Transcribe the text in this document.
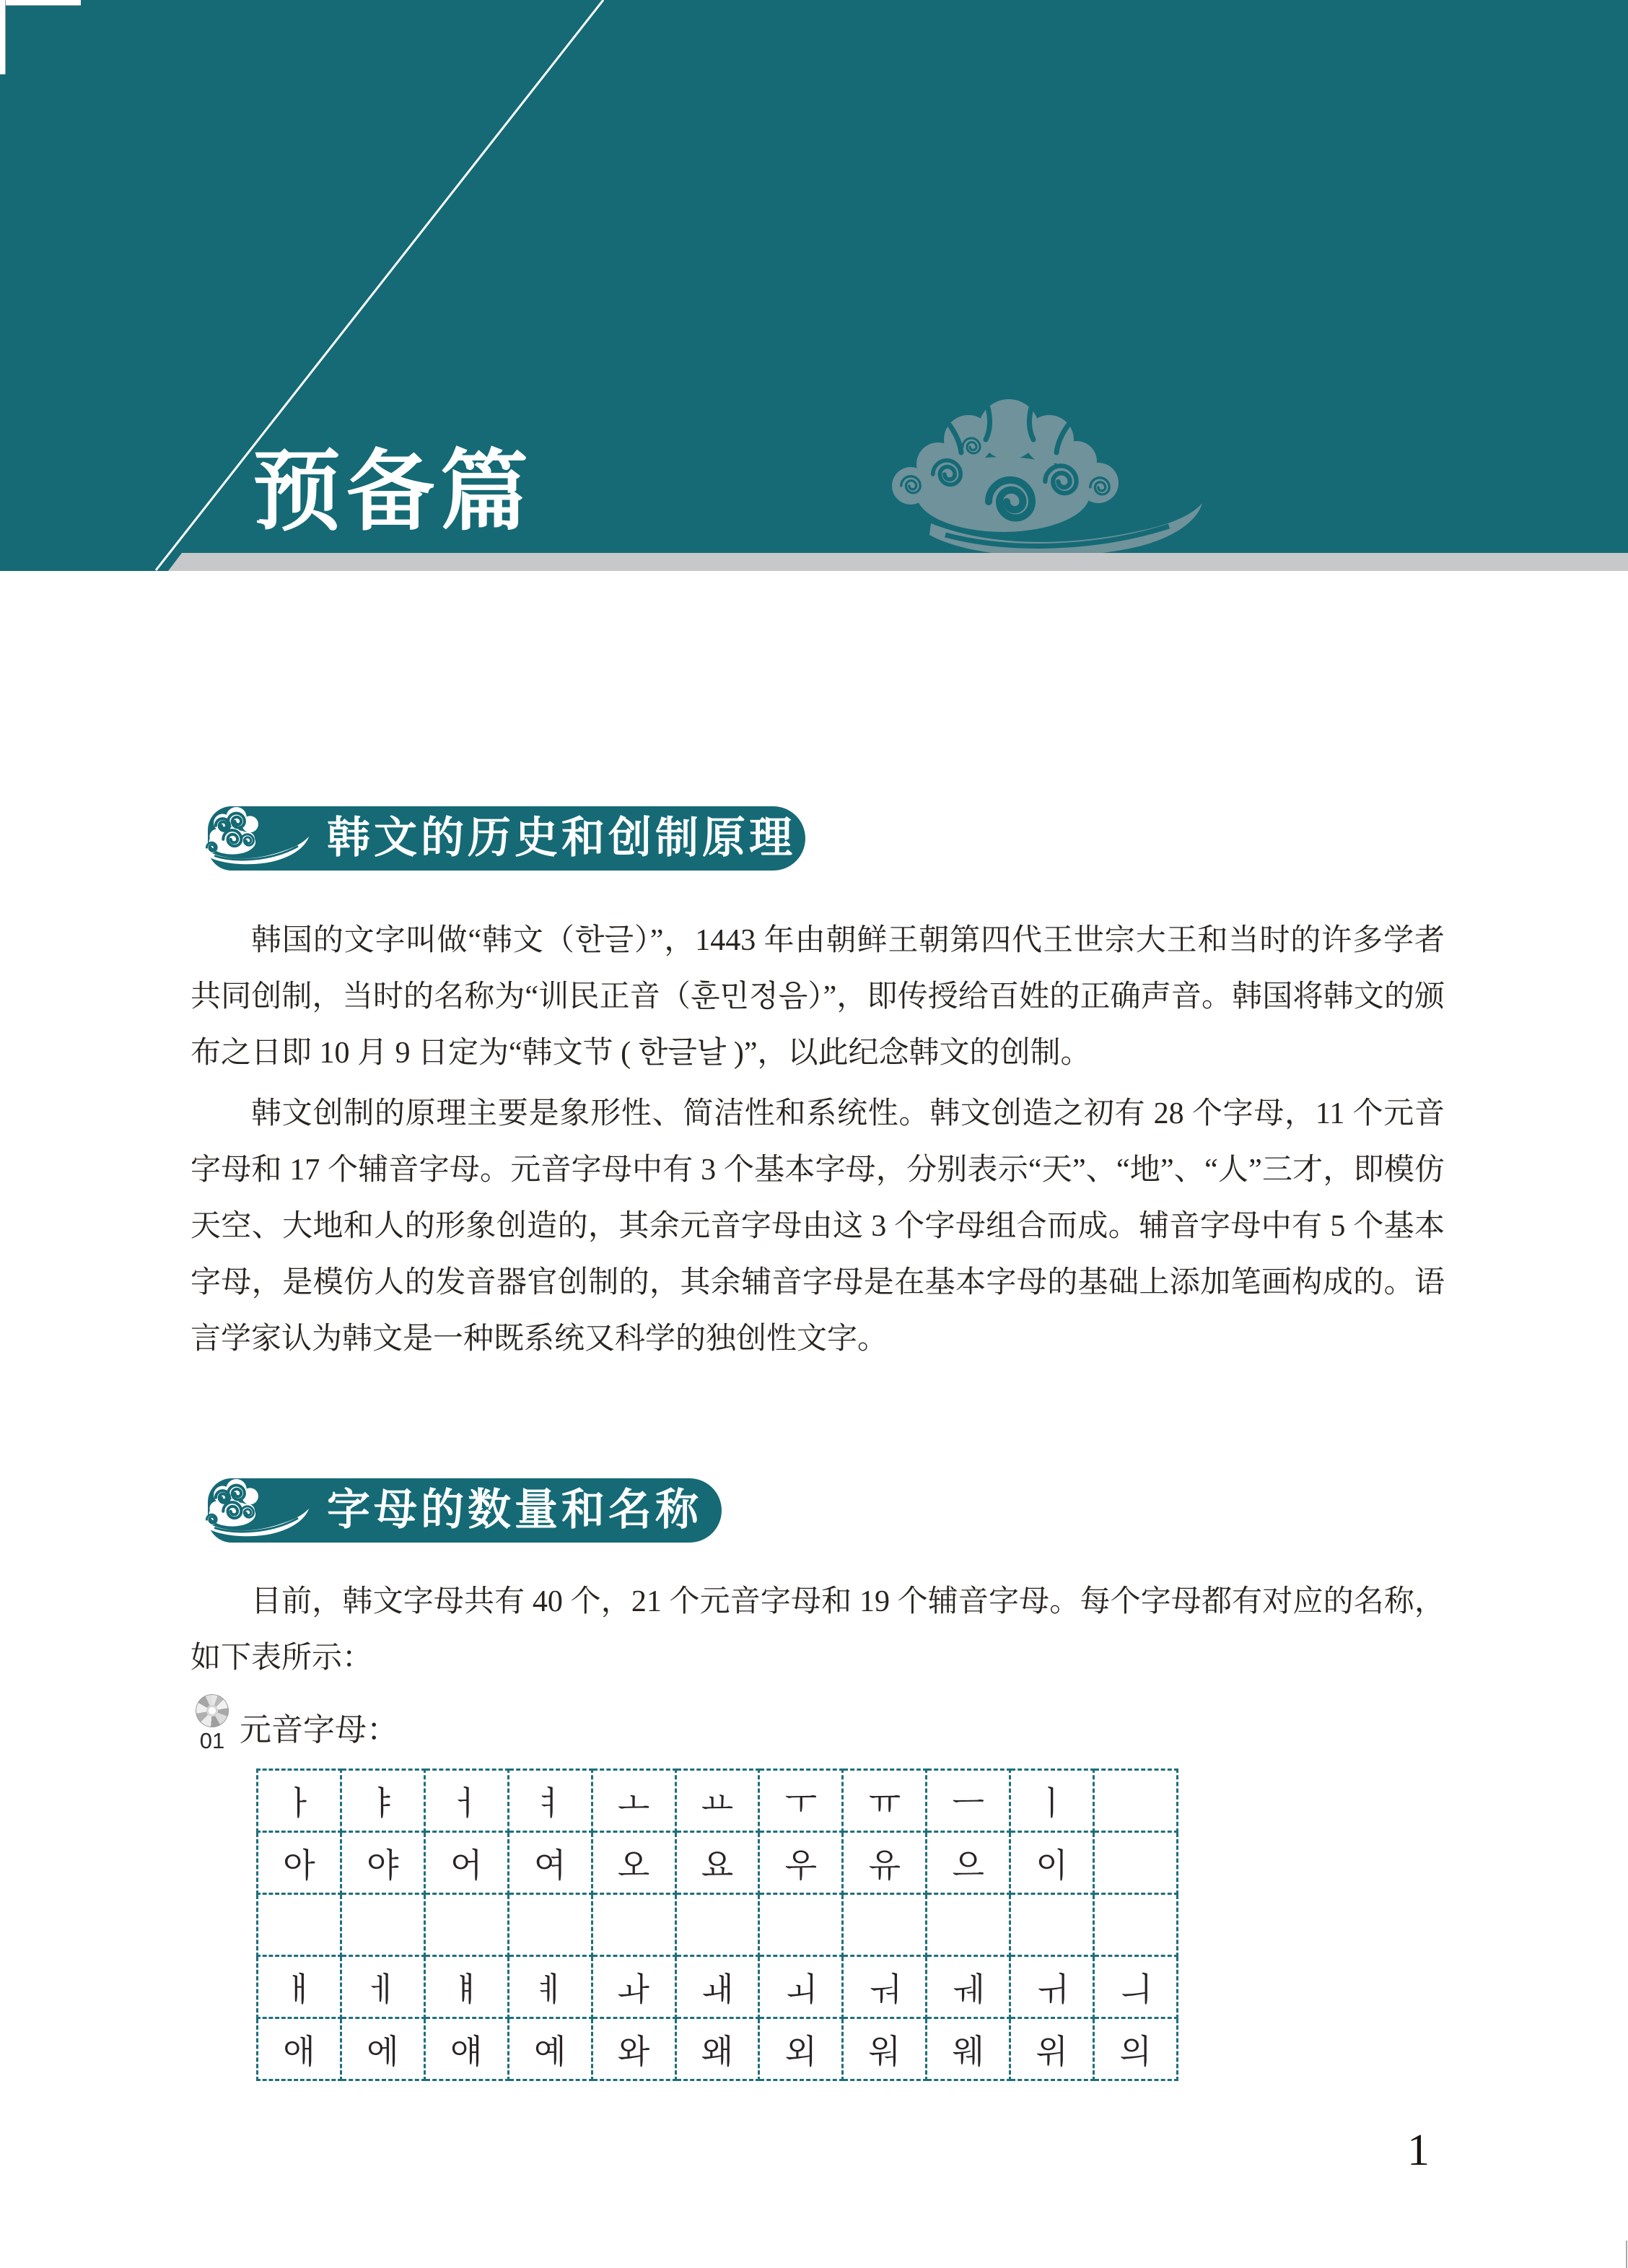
预备篇
韩文的历史和创制原理

韩国的文字叫做“韩文（한글）”，1443 年由朝鲜王朝第四代王世宗大王和当时的许多学者共同创制，当时的名称为“训民正音（훈민정음）”，即传授给百姓的正确声音。韩国将韩文的颁布之日即 10 月 9 日定为“韩文节 ( 한글날 )”，以此纪念韩文的创制。

韩文创制的原理主要是象形性、简洁性和系统性。韩文创造之初有 28 个字母，11 个元音字母和 17 个辅音字母。元音字母中有 3 个基本字母，分别表示“天”、“地”、“人”三才，即模仿天空、大地和人的形象创造的，其余元音字母由这 3 个字母组合而成。辅音字母中有 5 个基本字母，是模仿人的发音器官创制的，其余辅音字母是在基本字母的基础上添加笔画构成的。语言学家认为韩文是一种既系统又科学的独创性文字。

字母的数量和名称

目前，韩文字母共有 40 个，21 个元音字母和 19 个辅音字母。每个字母都有对应的名称，如下表所示：

01 元音字母：
ㅏ	ㅑ	ㅓ	ㅕ	ㅗ	ㅛ	ㅜ	ㅠ	ㅡ	ㅣ	
아	야	어	여	오	요	우	유	으	이	

ㅐ	ㅔ	ㅒ	ㅖ	ㅘ	ㅙ	ㅚ	ㅝ	ㅞ	ㅟ	ㅢ
애	에	얘	예	와	왜	외	워	웨	위	의
1
